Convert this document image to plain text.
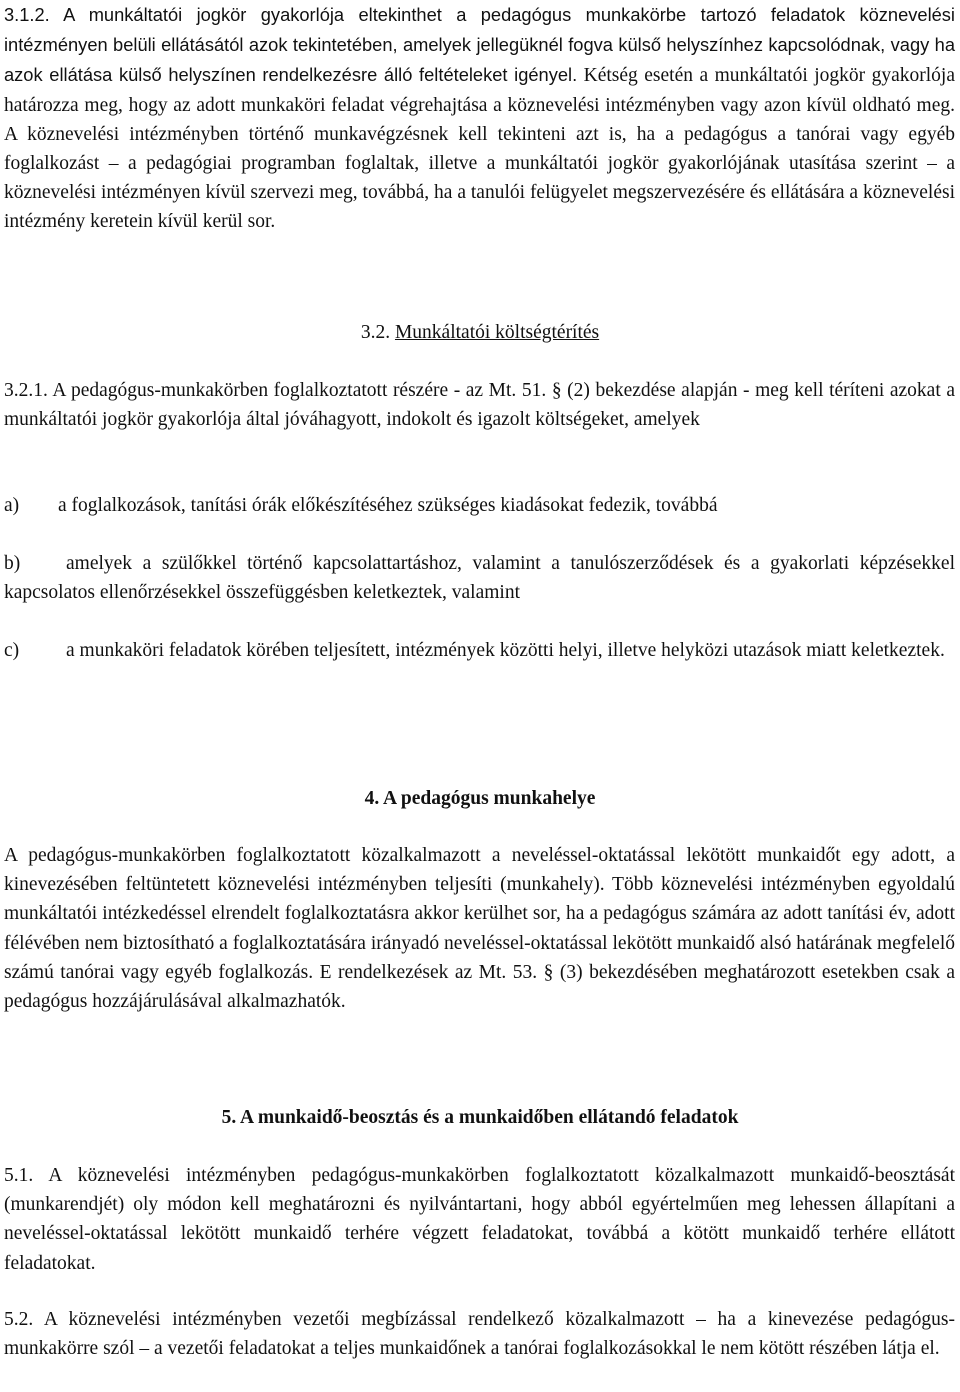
3.1.2. A munkáltatói jogkör gyakorlója eltekinthet a pedagógus munkakörbe tartozó feladatok köznevelési intézményen belüli ellátásától azok tekintetében, amelyek jellegüknél fogva külső helyszínhez kapcsolódnak, vagy ha azok ellátása külső helyszínen rendelkezésre álló feltételeket igényel. Kétség esetén a munkáltatói jogkör gyakorlója határozza meg, hogy az adott munkaköri feladat végrehajtása a köznevelési intézményben vagy azon kívül oldható meg. A köznevelési intézményben történő munkavégzésnek kell tekinteni azt is, ha a pedagógus a tanórai vagy egyéb foglalkozást – a pedagógiai programban foglaltak, illetve a munkáltatói jogkör gyakorlójának utasítása szerint – a köznevelési intézményen kívül szervezi meg, továbbá, ha a tanulói felügyelet megszervezésére és ellátására a köznevelési intézmény keretein kívül kerül sor.

3.2. Munkáltatói költségtérítés

3.2.1. A pedagógus-munkakörben foglalkoztatott részére - az Mt. 51. § (2) bekezdése alapján - meg kell téríteni azokat a munkáltatói jogkör gyakorlója által jóváhagyott, indokolt és igazolt költségeket, amelyek

a) a foglalkozások, tanítási órák előkészítéséhez szükséges kiadásokat fedezik, továbbá

b) amelyek a szülőkkel történő kapcsolattartáshoz, valamint a tanulószerződések és a gyakorlati képzésekkel kapcsolatos ellenőrzésekkel összefüggésben keletkeztek, valamint

c) a munkaköri feladatok körében teljesített, intézmények közötti helyi, illetve helyközi utazások miatt keletkeztek.

4. A pedagógus munkahelye

A pedagógus-munkakörben foglalkoztatott közalkalmazott a neveléssel-oktatással lekötött munkaidőt egy adott, a kinevezésében feltüntetett köznevelési intézményben teljesíti (munkahely). Több köznevelési intézményben egyoldalú munkáltatói intézkedéssel elrendelt foglalkoztatásra akkor kerülhet sor, ha a pedagógus számára az adott tanítási év, adott félévében nem biztosítható a foglalkoztatására irányadó neveléssel-oktatással lekötött munkaidő alsó határának megfelelő számú tanórai vagy egyéb foglalkozás. E rendelkezések az Mt. 53. § (3) bekezdésében meghatározott esetekben csak a pedagógus hozzájárulásával alkalmazhatók.

5. A munkaidő-beosztás és a munkaidőben ellátandó feladatok

5.1. A köznevelési intézményben pedagógus-munkakörben foglalkoztatott közalkalmazott munkaidő-beosztását (munkarendjét) oly módon kell meghatározni és nyilvántartani, hogy abból egyértelműen meg lehessen állapítani a neveléssel-oktatással lekötött munkaidő terhére végzett feladatokat, továbbá a kötött munkaidő terhére ellátott feladatokat.

5.2. A köznevelési intézményben vezetői megbízással rendelkező közalkalmazott – ha a kinevezése pedagógus-munkakörre szól – a vezetői feladatokat a teljes munkaidőnek a tanórai foglalkozásokkal le nem kötött részében látja el.
